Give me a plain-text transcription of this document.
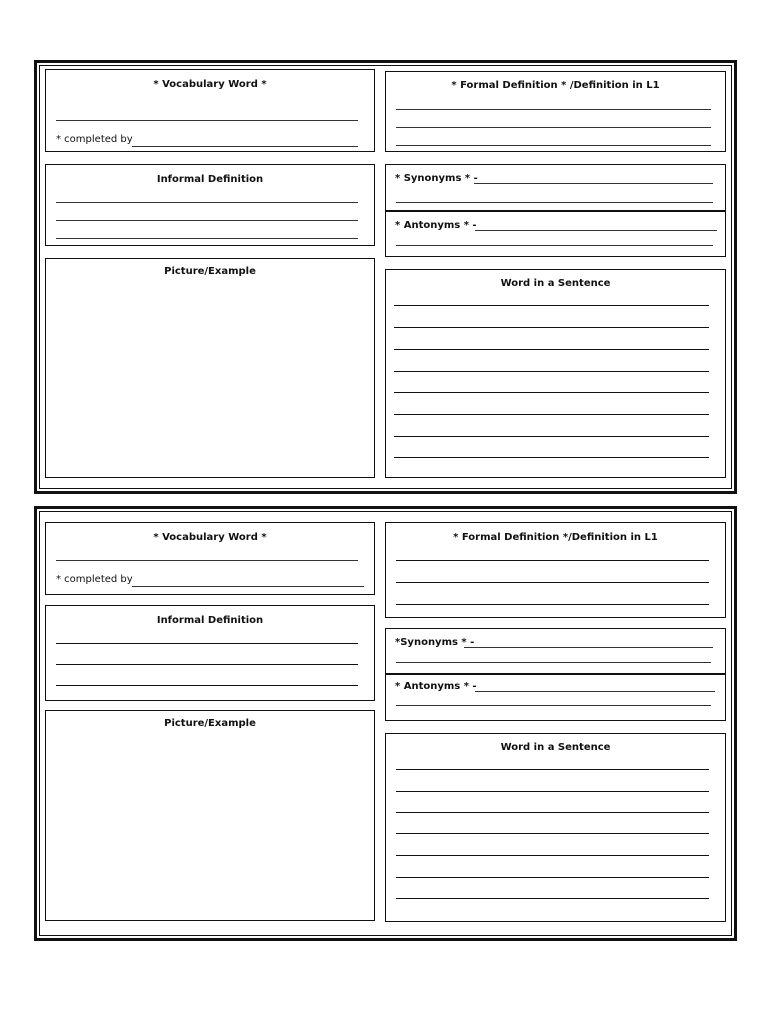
* Vocabulary Word *
* completed by
Informal Definition
Picture/Example
* Formal Definition * /Definition in L1
* Synonyms * -
* Antonyms * -
Word in a Sentence
* Vocabulary Word *
* completed by
Informal Definition
Picture/Example
* Formal Definition */Definition in L1
*Synonyms * -
* Antonyms * -
Word in a Sentence
